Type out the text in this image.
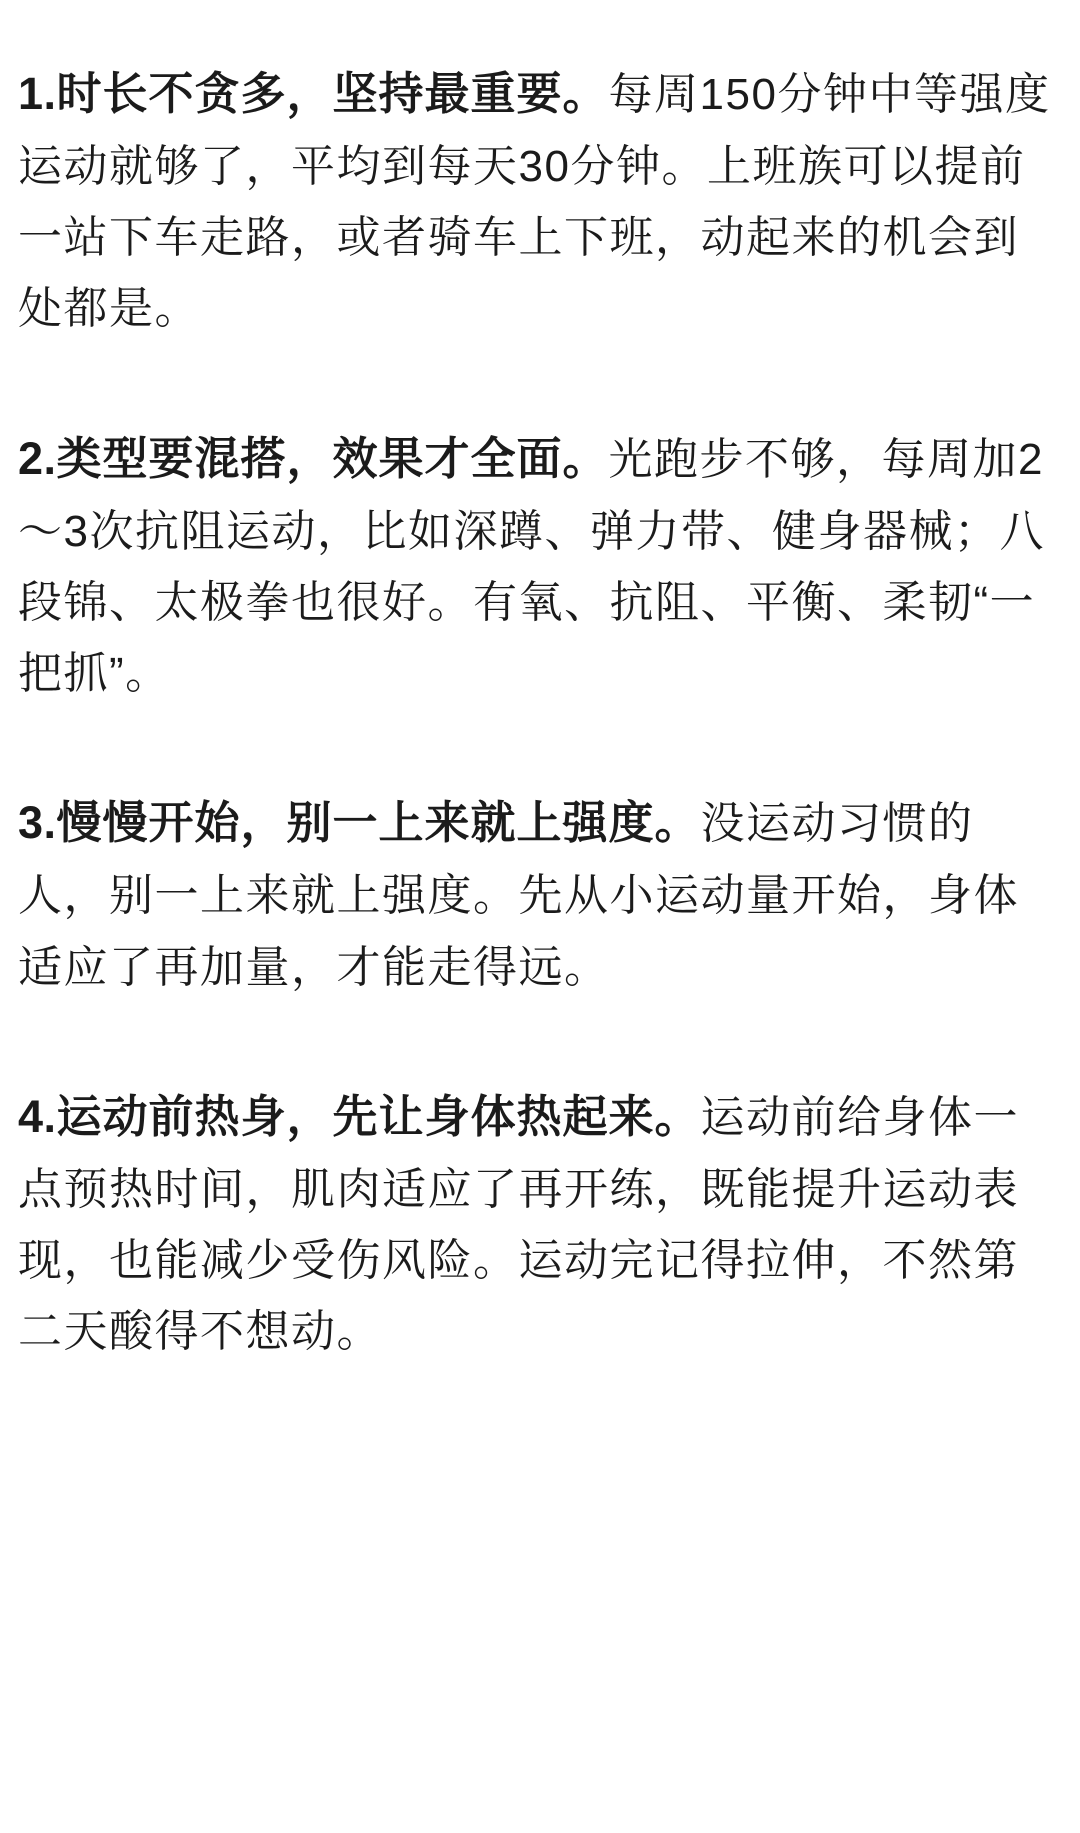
1.时长不贪多，坚持最重要。每周150分钟中等强度运动就够了，平均到每天30分钟。上班族可以提前一站下车走路，或者骑车上下班，动起来的机会到处都是。

2.类型要混搭，效果才全面。光跑步不够，每周加2～3次抗阻运动，比如深蹲、弹力带、健身器械；八段锦、太极拳也很好。有氧、抗阻、平衡、柔韧“一把抓”。

3.慢慢开始，别一上来就上强度。没运动习惯的人，别一上来就上强度。先从小运动量开始，身体适应了再加量，才能走得远。

4.运动前热身，先让身体热起来。运动前给身体一点预热时间，肌肉适应了再开练，既能提升运动表现，也能减少受伤风险。运动完记得拉伸，不然第二天酸得不想动。
